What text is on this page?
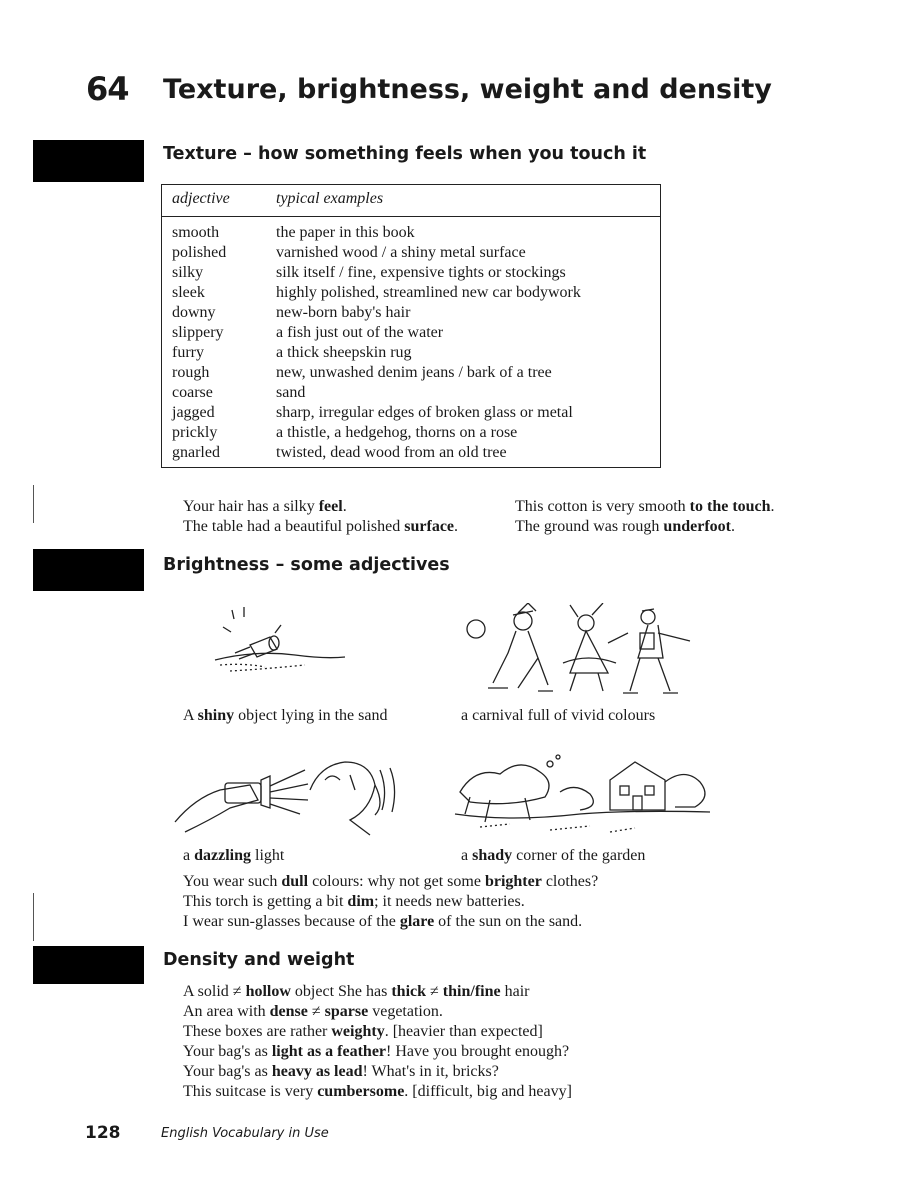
64 Texture, brightness, weight and density
Texture – how something feels when you touch it
adjective	typical examples
smooth	the paper in this book
polished	varnished wood / a shiny metal surface
silky	silk itself / fine, expensive tights or stockings
sleek	highly polished, streamlined new car bodywork
downy	new-born baby's hair
slippery	a fish just out of the water
furry	a thick sheepskin rug
rough	new, unwashed denim jeans / bark of a tree
coarse	sand
jagged	sharp, irregular edges of broken glass or metal
prickly	a thistle, a hedgehog, thorns on a rose
gnarled	twisted, dead wood from an old tree
Your hair has a silky feel.
The table had a beautiful polished surface.
This cotton is very smooth to the touch.
The ground was rough underfoot.
Brightness – some adjectives
A shiny object lying in the sand	a carnival full of vivid colours
a dazzling light	a shady corner of the garden
You wear such dull colours: why not get some brighter clothes?
This torch is getting a bit dim; it needs new batteries.
I wear sun-glasses because of the glare of the sun on the sand.
Density and weight
A solid ≠ hollow object She has thick ≠ thin/fine hair
An area with dense ≠ sparse vegetation.
These boxes are rather weighty. [heavier than expected]
Your bag's as light as a feather! Have you brought enough?
Your bag's as heavy as lead! What's in it, bricks?
This suitcase is very cumbersome. [difficult, big and heavy]
128	English Vocabulary in Use
